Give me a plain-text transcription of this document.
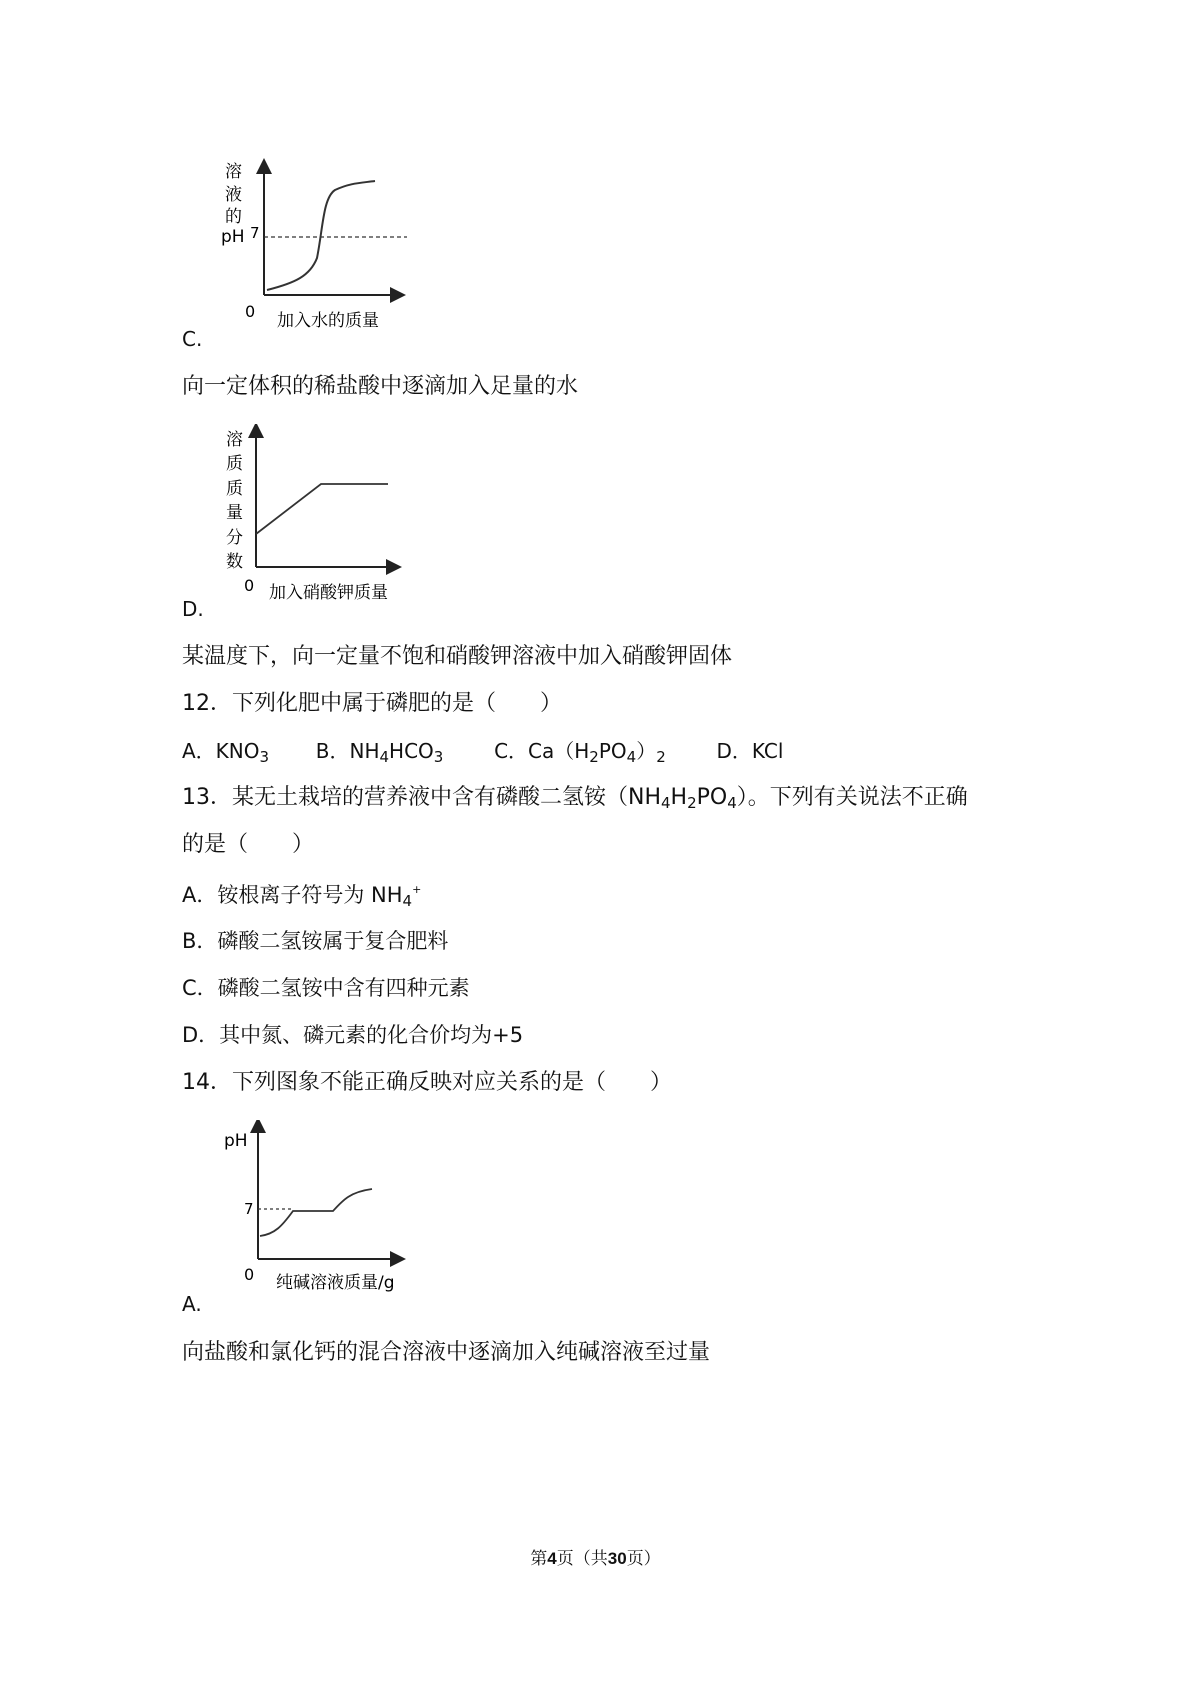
溶
液
的
pH 7
0 加入水的质量
C.
向一定体积的稀盐酸中逐滴加入足量的水
溶
质
质
量
分
数
0 加入硝酸钾质量
D.
某温度下，向一定量不饱和硝酸钾溶液中加入硝酸钾固体
12．下列化肥中属于磷肥的是（　　）
A．$KNO_3$ B．$NH_4HCO_3$	C．$Ca(H_2PO_4)_2$	D．KCl
13．某无土栽培的营养液中含有磷酸二氢铵$(NH_4H_2PO_4)$。下列有关说法不正确
的是（　　）
A．铵根离子符号为 $NH_4^+$
B．磷酸二氢铵属于复合肥料
C．磷酸二氢铵中含有四种元素
D．其中氮、磷元素的化合价均为+5
14．下列图象不能正确反映对应关系的是（　　）
pH
7
0 纯碱溶液质量/g
A.
向盐酸和氯化钙的混合溶液中逐滴加入纯碱溶液至过量
第4页（共30页）
